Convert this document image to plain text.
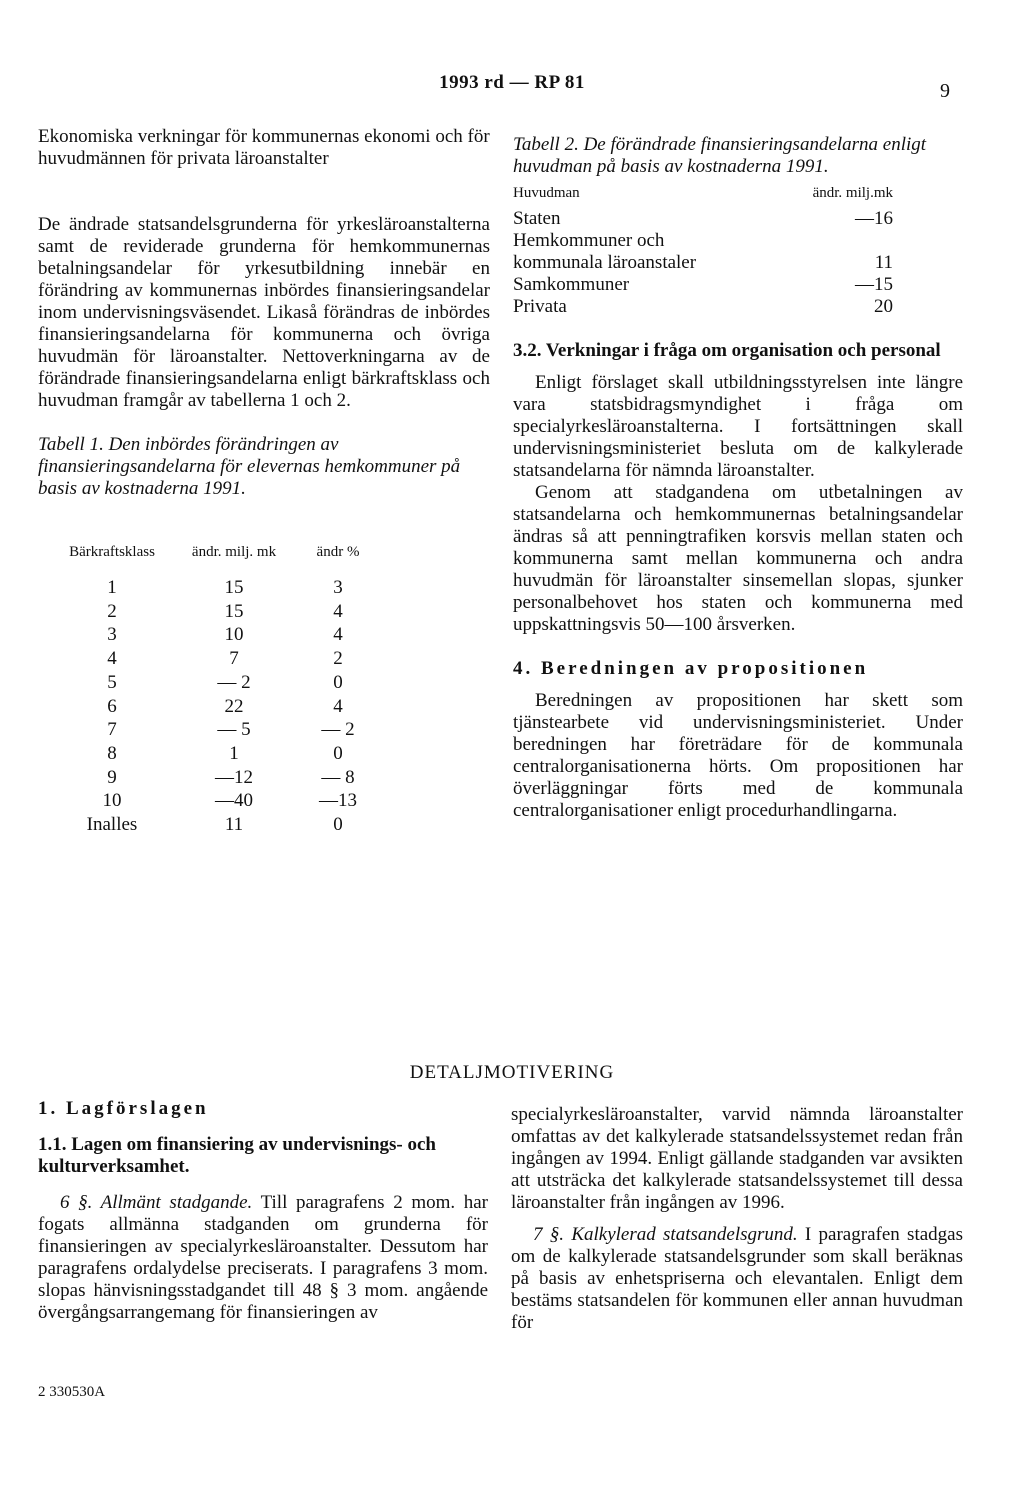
1993 rd — RP 81	9

Ekonomiska verkningar för kommunernas ekonomi och för huvudmännen för privata läroanstalter

De ändrade statsandelsgrunderna för yrkesläroanstalterna samt de reviderade grunderna för hemkommunernas betalningsandelar för yrkesutbildning innebär en förändring av kommunernas inbördes finansieringsandelar inom undervisningsväsendet. Likaså förändras de inbördes finansieringsandelarna för kommunerna och övriga huvudmän för läroanstalter. Nettoverkningarna av de förändrade finansieringsandelarna enligt bärkraftsklass och huvudman framgår av tabellerna 1 och 2.

Tabell 1. Den inbördes förändringen av finansieringsandelarna för elevernas hemkommuner på basis av kostnaderna 1991.

Bärkraftsklass	ändr. milj. mk	ändr %
1	15	3
2	15	4
3	10	4
4	7	2
5	— 2	0
6	22	4
7	— 5	— 2
8	1	0
9	—12	— 8
10	—40	—13
Inalles	11	0

Tabell 2. De förändrade finansieringsandelarna enligt huvudman på basis av kostnaderna 1991.

Huvudman	ändr. milj.mk
Staten	—16
Hemkommuner och	
kommunala läroanstaler	11
Samkommuner	—15
Privata	20

3.2. Verkningar i fråga om organisation och personal

Enligt förslaget skall utbildningsstyrelsen inte längre vara statsbidragsmyndighet i fråga om specialyrkesläroanstalterna. I fortsättningen skall undervisningsministeriet besluta om de kalkylerade statsandelarna för nämnda läroanstalter.

Genom att stadgandena om utbetalningen av statsandelarna och hemkommunernas betalningsandelar ändras så att penningtrafiken korsvis mellan staten och kommunerna samt mellan kommunerna och andra huvudmän för läroanstalter sinsemellan slopas, sjunker personalbehovet hos staten och kommunerna med uppskattningsvis 50—100 årsverken.

4. Beredningen av propositionen

Beredningen av propositionen har skett som tjänstearbete vid undervisningsministeriet. Under beredningen har företrädare för de kommunala centralorganisationerna hörts. Om propositionen har överläggningar förts med de kommunala centralorganisationer enligt procedurhandlingarna.

DETALJMOTIVERING

1. Lagförslagen

1.1. Lagen om finansiering av undervisnings- och kulturverksamhet.

6 §. Allmänt stadgande. Till paragrafens 2 mom. har fogats allmänna stadganden om grunderna för finansieringen av specialyrkesläroanstalter. Dessutom har paragrafens ordalydelse preciserats. I paragrafens 3 mom. slopas hänvisningsstadgandet till 48 § 3 mom. angående övergångsarrangemang för finansieringen av

specialyrkesläroanstalter, varvid nämnda läroanstalter omfattas av det kalkylerade statsandelssystemet redan från ingången av 1994. Enligt gällande stadganden var avsikten att utsträcka det kalkylerade statsandelssystemet till dessa läroanstalter från ingången av 1996.

7 §. Kalkylerad statsandelsgrund. I paragrafen stadgas om de kalkylerade statsandelsgrunder som skall beräknas på basis av enhetspriserna och elevantalen. Enligt dem bestäms statsandelen för kommunen eller annan huvudman för

2 330530A
